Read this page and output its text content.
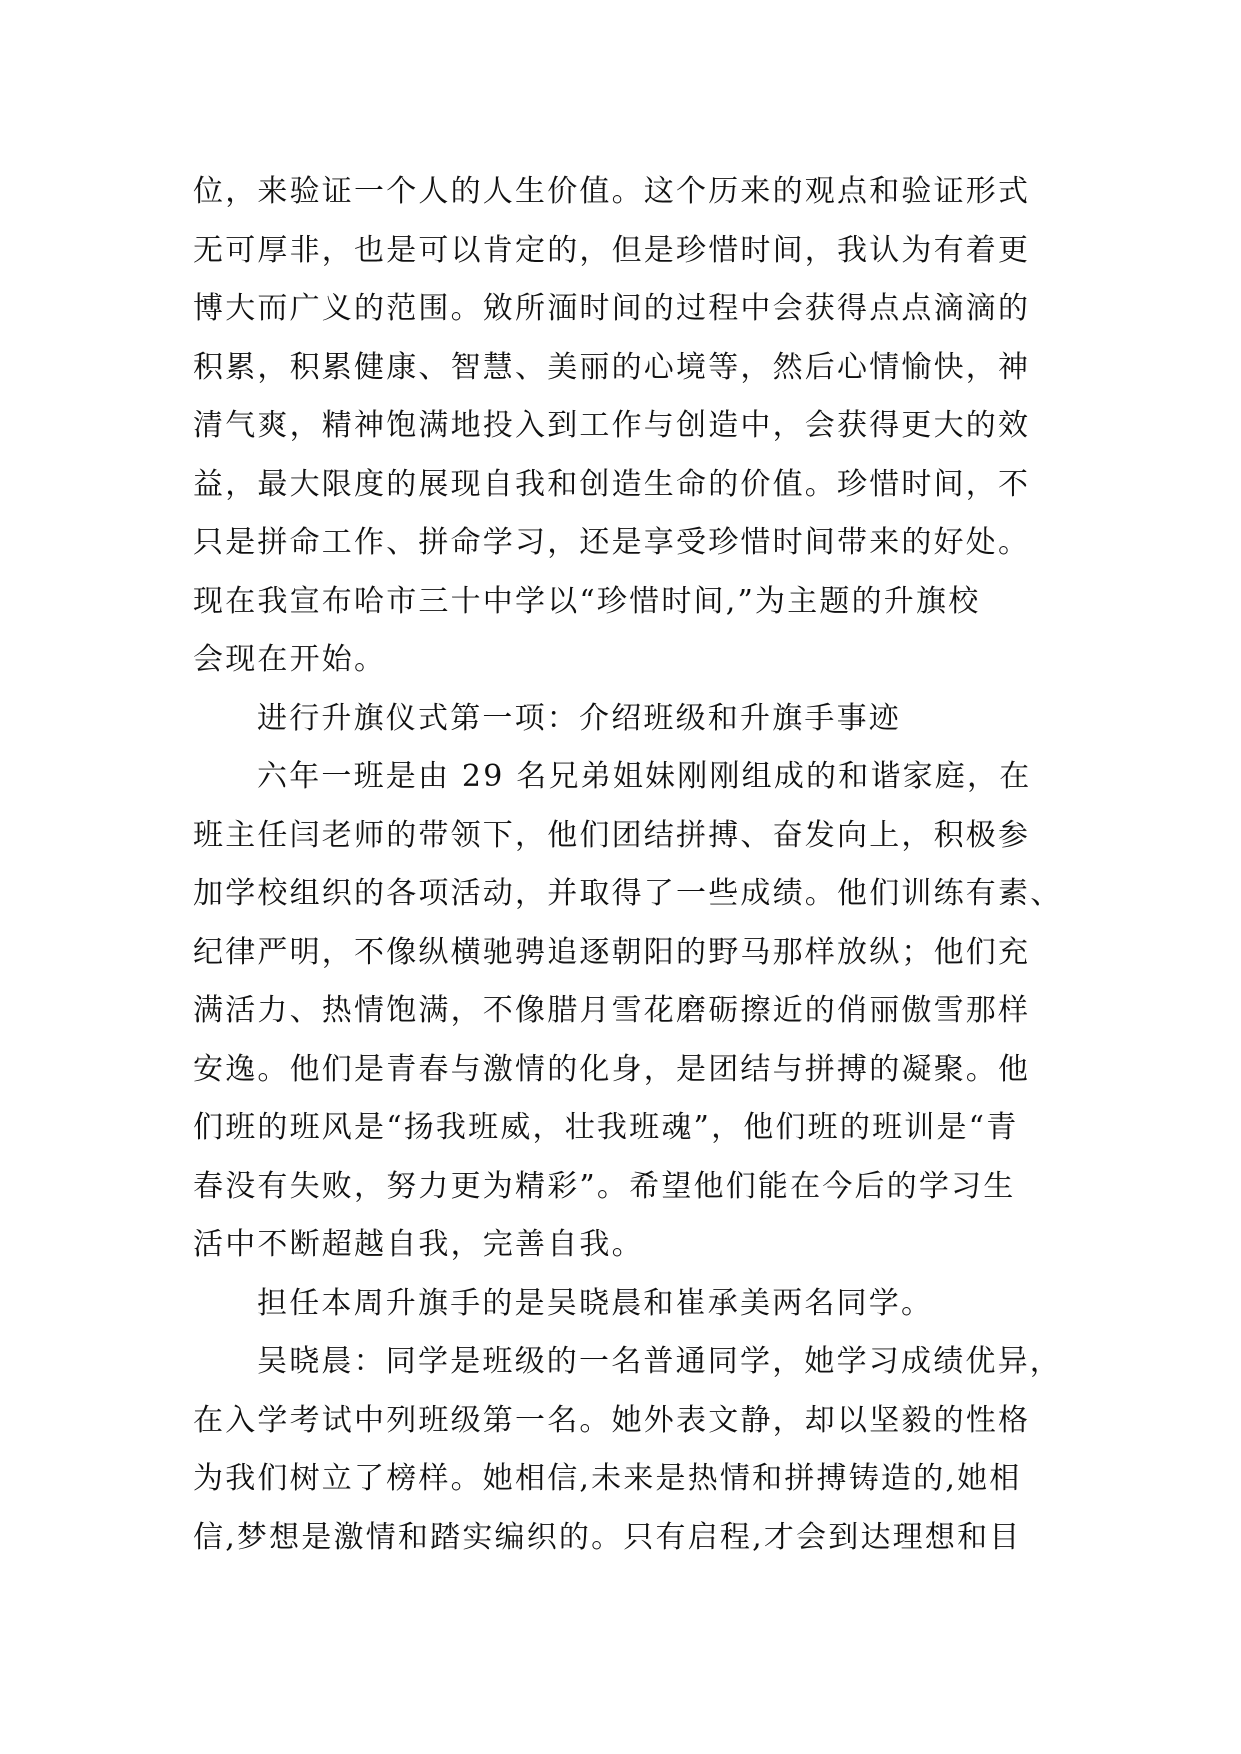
位，来验证一个人的人生价值。这个历来的观点和验证形式
无可厚非，也是可以肯定的，但是珍惜时间，我认为有着更
博大而广义的范围。敓所湎时间的过程中会获得点点滴滴的
积累，积累健康、智慧、美丽的心境等，然后心情愉快，神
清气爽，精神饱满地投入到工作与创造中，会获得更大的效
益，最大限度的展现自我和创造生命的价值。珍惜时间，不
只是拼命工作、拼命学习，还是享受珍惜时间带来的好处。
现在我宣布哈市三十中学以“珍惜时间,”为主题的升旗校
会现在开始。
进行升旗仪式第一项：介绍班级和升旗手事迹
六年一班是由 29 名兄弟姐妹刚刚组成的和谐家庭，在
班主任闫老师的带领下，他们团结拼搏、奋发向上，积极参
加学校组织的各项活动，并取得了一些成绩。他们训练有素、
纪律严明，不像纵横驰骋追逐朝阳的野马那样放纵；他们充
满活力、热情饱满，不像腊月雪花磨砺擦近的俏丽傲雪那样
安逸。他们是青春与激情的化身，是团结与拼搏的凝聚。他
们班的班风是“扬我班威，壮我班魂”，他们班的班训是“青
春没有失败，努力更为精彩”。希望他们能在今后的学习生
活中不断超越自我，完善自我。
担任本周升旗手的是吴晓晨和崔承美两名同学。
吴晓晨：同学是班级的一名普通同学，她学习成绩优异，
在入学考试中列班级第一名。她外表文静，却以坚毅的性格
为我们树立了榜样。她相信,未来是热情和拼搏铸造的,她相
信,梦想是激情和踏实编织的。只有启程,才会到达理想和目
